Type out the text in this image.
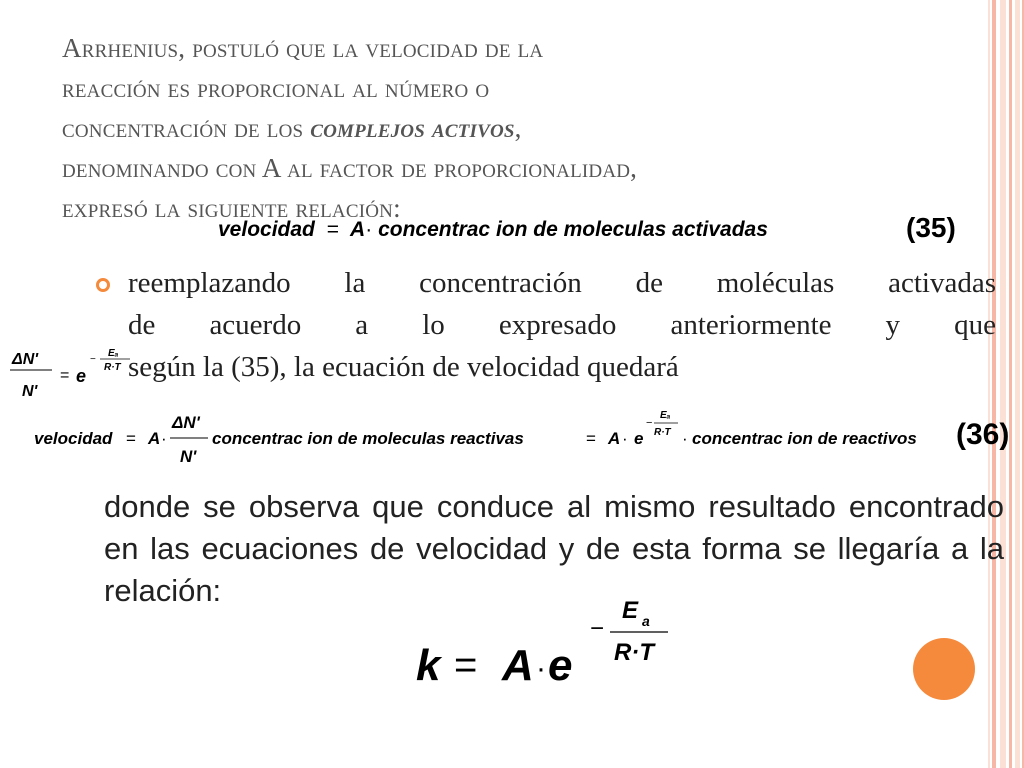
Arrhenius, postuló que la velocidad de la
reacción es proporcional al número o
concentración de los complejos activos,
denominando con A al factor de proporcionalidad,
expresó la siguiente relación:
velocidad = A· concentrac ion de moleculas activadas	(35)
reemplazando la concentración de moléculas activadas
de acuerdo a lo expresado anteriormente y que
según la (35), la ecuación de velocidad quedará
ΔN'
N'
= e
−
Eₐ
R·T
velocidad = A ·
ΔN'
N'
concentrac ion de moleculas reactivas	= A · e
−
Eₐ
R·T · concentrac ion de reactivos (36)
donde se observa que conduce al mismo resultado encontrado en las ecuaciones de velocidad y de esta forma se llegaría a la relación:
k = A · e
−
E a
R·T
